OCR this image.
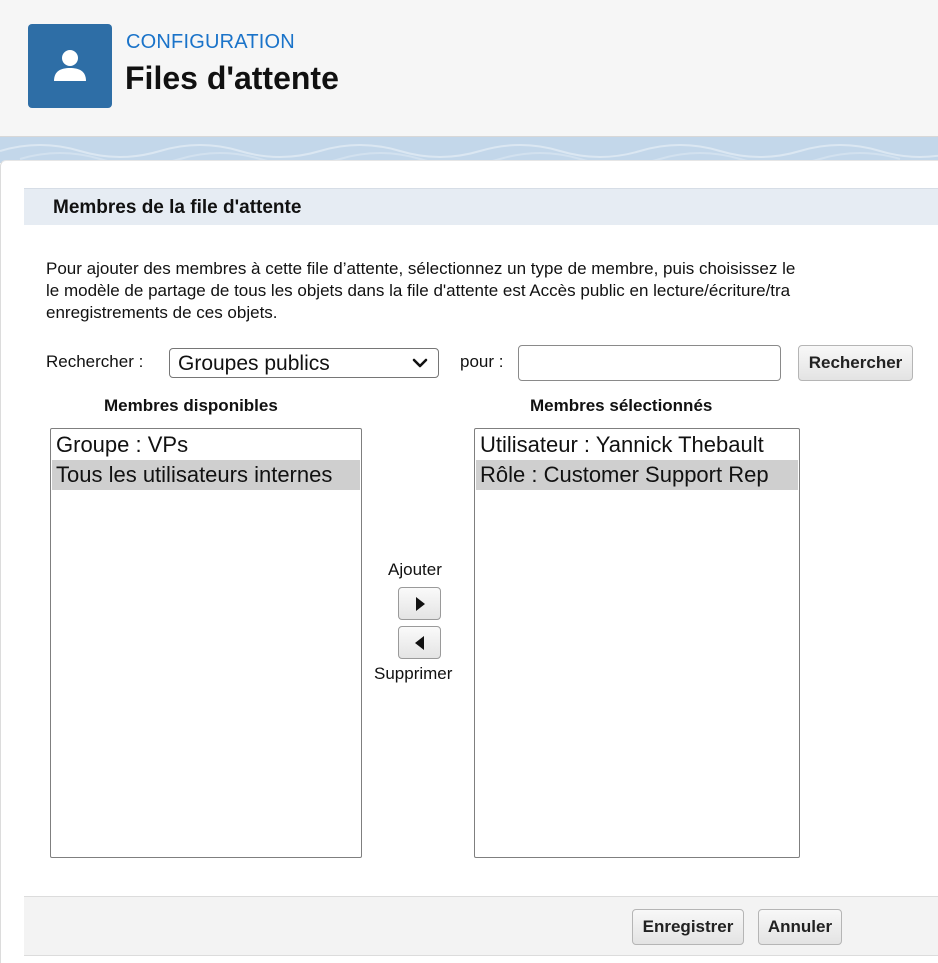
CONFIGURATION
Files d'attente
Membres de la file d'attente
Pour ajouter des membres à cette file d’attente, sélectionnez un type de membre, puis choisissez le
le modèle de partage de tous les objets dans la file d'attente est Accès public en lecture/écriture/tra
enregistrements de ces objets.
Rechercher : Groupes publics	pour :	Rechercher
Membres disponibles	Membres sélectionnés
Groupe : VPs
Tous les utilisateurs internes
Utilisateur : Yannick Thebault
Rôle : Customer Support Rep
Ajouter
Supprimer
Enregistrer	Annuler
